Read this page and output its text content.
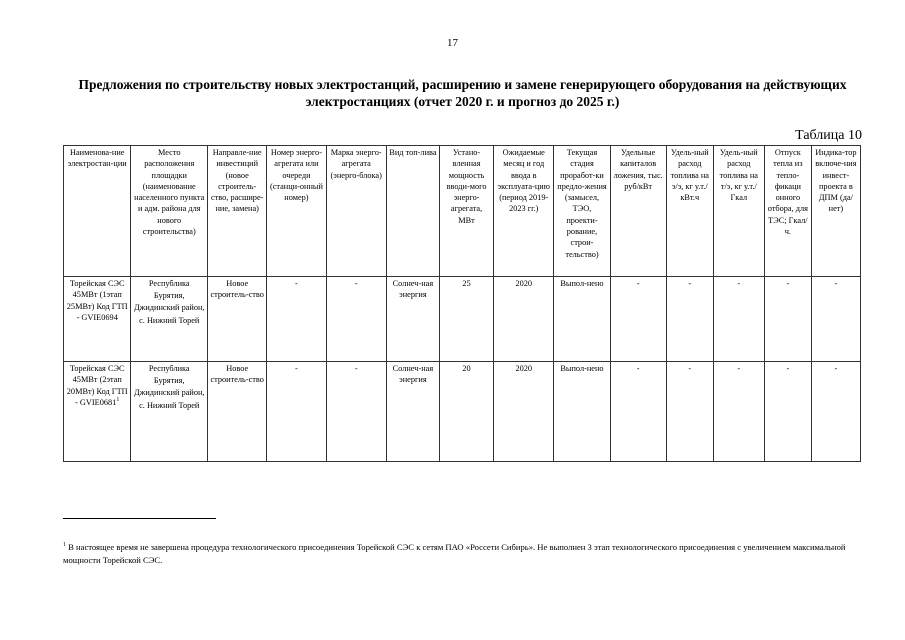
17
Предложения по строительству новых электростанций, расширению и замене генерирующего оборудования на действующих электростанциях (отчет 2020 г. и прогноз до 2025 г.)
Таблица 10
Наименова-ние электростан-ции	Место расположения площадки (наименование населенного пункта и адм. района для нового строительства)	Направле-ние инвестиций (новое строитель-ство, расшире-ние, замена)	Номер энерго-агрегата или очереди (станци-онный номер)	Марка энерго-агрегата (энерго-блока)	Вид топ-лива	Устано-вленная мощность вводи-мого энерго-агрегата, МВт	Ожидаемые месяц и год ввода в эксплуата-цию (период 2019-2023 гг.)	Текущая стадия проработ-ки предло-жения (замысел, ТЭО, проекти-рование, строи-тельство)	Удельные капиталов ложения, тыс. руб/кВт	Удель-ный расход топлива на э/э, кг у.т./кВт.ч	Удель-ный расход топлива на т/э, кг у.т./Гкал	Отпуск тепла из тепло-фикаци онного отбора, для ТЭС; Гкал/ч.	Индика-тор включе-ния инвест-проекта в ДПМ (да/нет)
Торейская СЭС 45МВт (1этап 25МВт) Код ГТП - GVIE0694	Республика Бурятия, Джидинский район, с. Нижний Торей	Новое строитель-ство	-	-	Солнеч-ная энергия	25	2020	Выпол-нено	-	-	-	-	-
Торейская СЭС 45МВт (2этап 20МВт) Код ГТП - GVIE0681$^1$	Республика Бурятия, Джидинский район, с. Нижний Торей	Новое строитель-ство	-	-	Солнеч-ная энергия	20	2020	Выпол-нено	-	-	-	-	-
$^1$ В настоящее время не завершена процедура технологического присоединения Торейской СЭС к сетям ПАО «Россети Сибирь». Не выполнен 3 этап технологического присоединения с увеличением максимальной мощности Торейской СЭС.
